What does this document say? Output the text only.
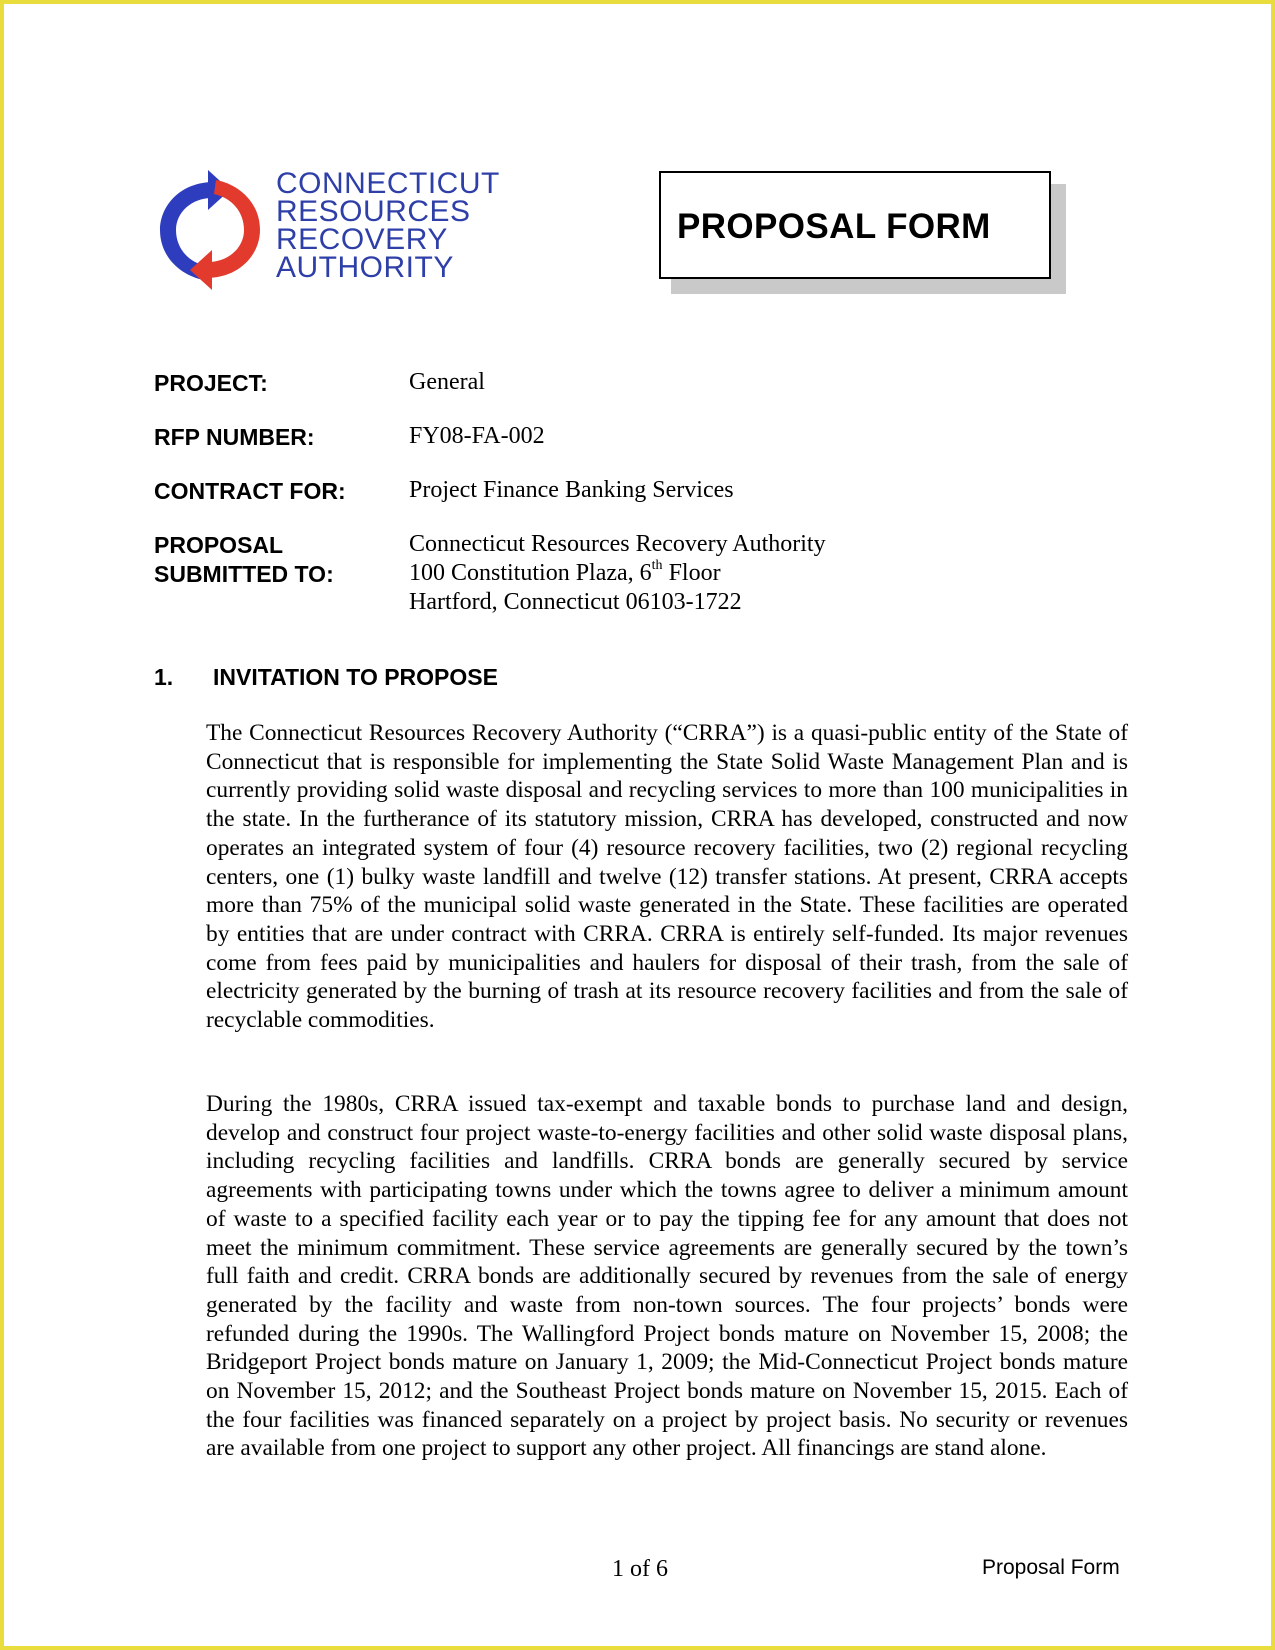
CONNECTICUT
RESOURCES
RECOVERY
AUTHORITY
PROPOSAL FORM
PROJECT:	General
RFP NUMBER:	FY08-FA-002
CONTRACT FOR:	Project Finance Banking Services
PROPOSAL
SUBMITTED TO:
Connecticut Resources Recovery Authority
100 Constitution Plaza, 6th Floor
Hartford, Connecticut 06103-1722
1. INVITATION TO PROPOSE

The Connecticut Resources Recovery Authority (“CRRA”) is a quasi-public entity of the State of Connecticut that is responsible for implementing the State Solid Waste Management Plan and is currently providing solid waste disposal and recycling services to more than 100 municipalities in the state. In the furtherance of its statutory mission, CRRA has developed, constructed and now operates an integrated system of four (4) resource recovery facilities, two (2) regional recycling centers, one (1) bulky waste landfill and twelve (12) transfer stations. At present, CRRA accepts more than 75% of the municipal solid waste generated in the State. These facilities are operated by entities that are under contract with CRRA. CRRA is entirely self-funded. Its major revenues come from fees paid by municipalities and haulers for disposal of their trash, from the sale of electricity generated by the burning of trash at its resource recovery facilities and from the sale of recyclable commodities.

During the 1980s, CRRA issued tax-exempt and taxable bonds to purchase land and design, develop and construct four project waste-to-energy facilities and other solid waste disposal plans, including recycling facilities and landfills. CRRA bonds are generally secured by service agreements with participating towns under which the towns agree to deliver a minimum amount of waste to a specified facility each year or to pay the tipping fee for any amount that does not meet the minimum commitment. These service agreements are generally secured by the town’s full faith and credit. CRRA bonds are additionally secured by revenues from the sale of energy generated by the facility and waste from non-town sources. The four projects’ bonds were refunded during the 1990s. The Wallingford Project bonds mature on November 15, 2008; the Bridgeport Project bonds mature on January 1, 2009; the Mid-Connecticut Project bonds mature on November 15, 2012; and the Southeast Project bonds mature on November 15, 2015. Each of the four facilities was financed separately on a project by project basis. No security or revenues are available from one project to support any other project. All financings are stand alone.

1 of 6	Proposal Form
